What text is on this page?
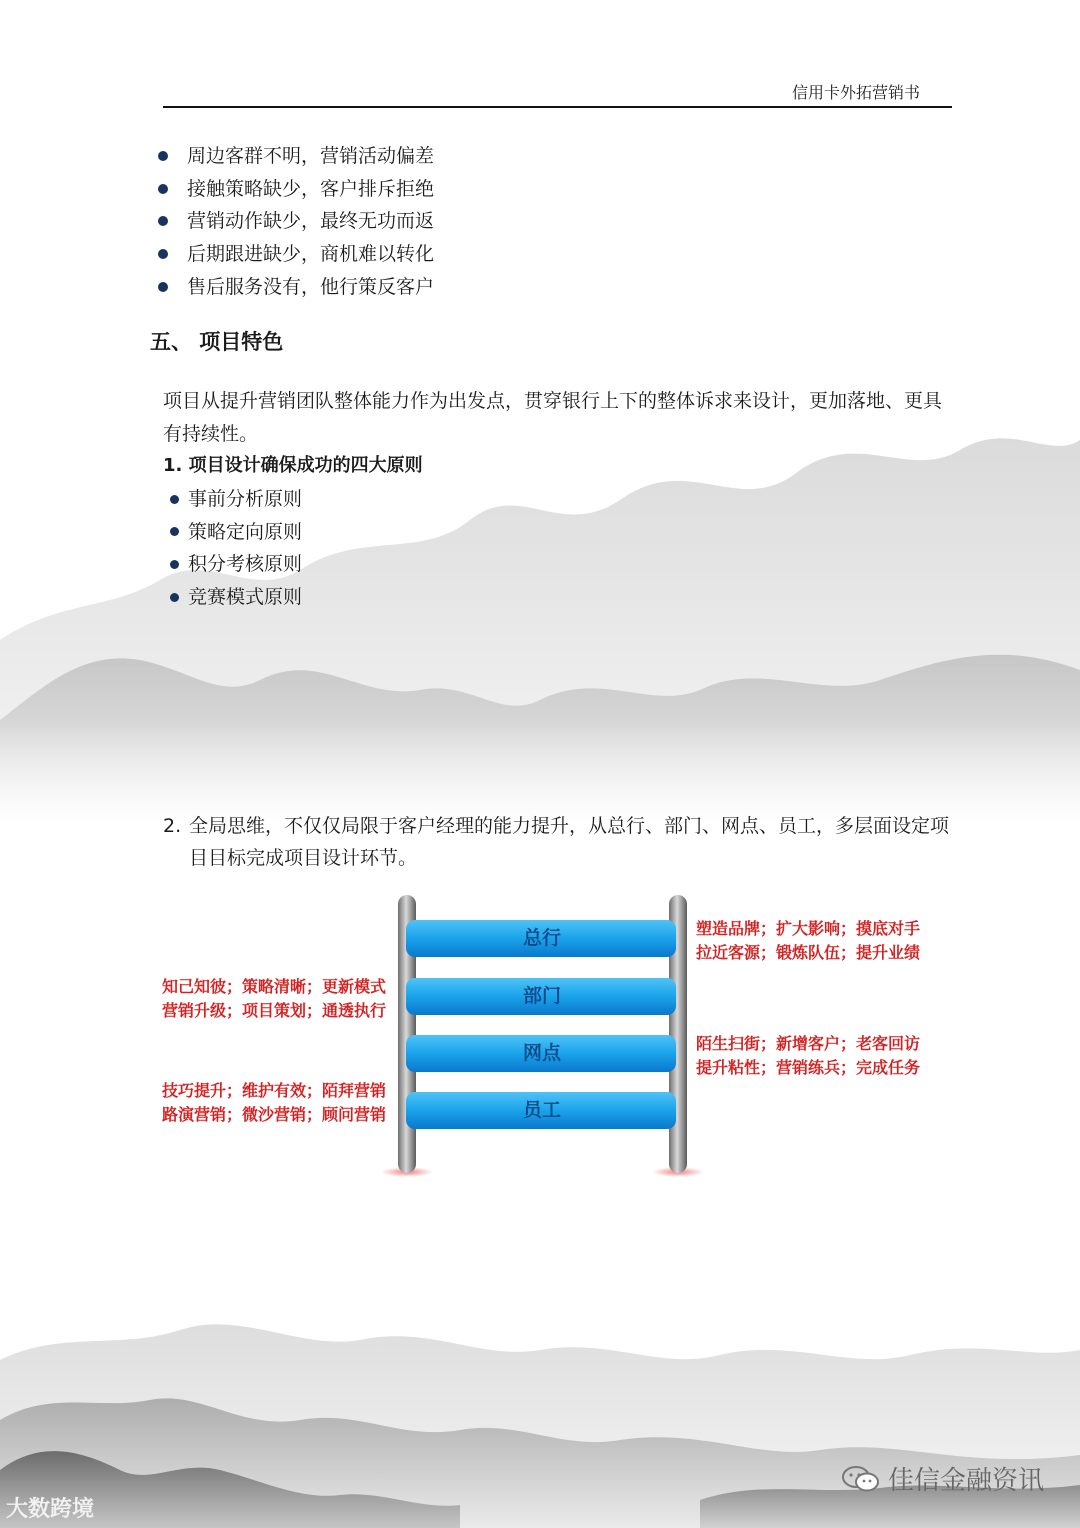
信用卡外拓营销书
周边客群不明，营销活动偏差
接触策略缺少，客户排斥拒绝
营销动作缺少，最终无功而返
后期跟进缺少，商机难以转化
售后服务没有，他行策反客户
五、 项目特色

项目从提升营销团队整体能力作为出发点，贯穿银行上下的整体诉求来设计，更加落地、更具有持续性。

1. 项目设计确保成功的四大原则
事前分析原则
策略定向原则
积分考核原则
竞赛模式原则

2. 全局思维，不仅仅局限于客户经理的能力提升，从总行、部门、网点、员工，多层面设定项
目目标完成项目设计环节。

总行
部门
网点
员工
塑造品牌；扩大影响；摸底对手
拉近客源；锻炼队伍；提升业绩
知己知彼；策略清晰；更新模式
营销升级；项目策划；通透执行
陌生扫街；新增客户；老客回访
提升粘性；营销练兵；完成任务
技巧提升；维护有效；陌拜营销
路演营销；微沙营销；顾问营销
佳信金融资讯
大数跨境
